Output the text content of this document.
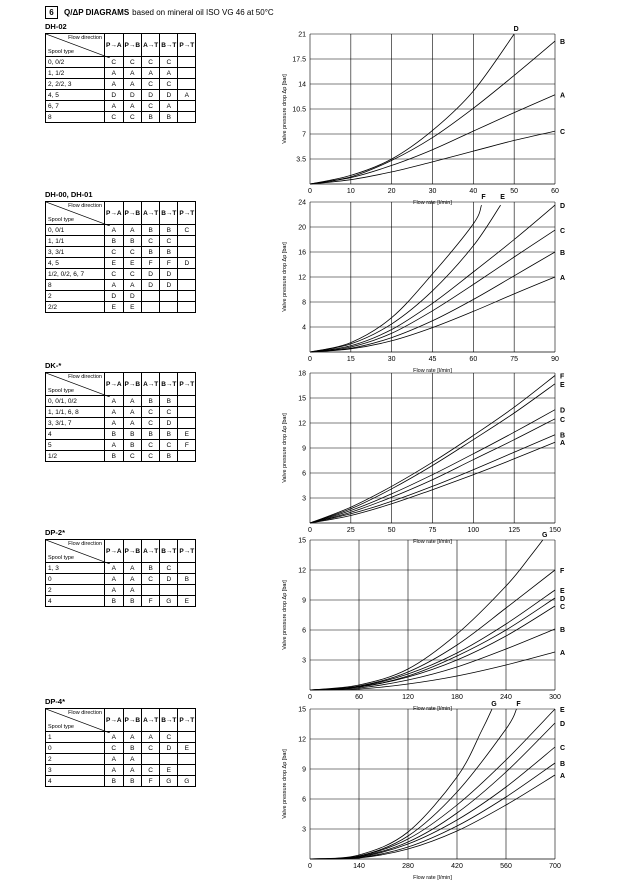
6	Q/ΔP DIAGRAMS based on mineral oil ISO VG 46 at 50°C
DH-02
Flow direction
Spool type	P→A	P→B	A→T	B→T	P→T
0, 0/2	C	C	C	C	
1, 1/2	A	A	A	A	
2, 2/2, 3	A	A	C	C	
4, 5	D	D	D	D	A
6, 7	A	A	C	A	
8	C	C	B	B	
0	10	20	30	40	50	60
3.5
7
10.5
14
17.5
21
Flow rate [l/min]
Valve pressure drop Δp [bar]
D
B
A
C
DH-00, DH-01
Flow direction
Spool type	P→A	P→B	A→T	B→T	P→T
0, 0/1	A	A	B	B	C
1, 1/1	B	B	C	C	
3, 3/1	C	C	B	B	
4, 5	E	E	F	F	D
1/2, 0/2, 6, 7	C	C	D	D	
8	A	A	D	D	
2	D	D			
2/2	E	E			
0	15	30	45	60	75	90
4
8
12
16
20
24
Flow rate [l/min]
Valve pressure drop Δp [bar]
F E
D
C
B
A
DK-*
Flow direction
Spool type	P→A	P→B	A→T	B→T	P→T
0, 0/1, 0/2	A	A	B	B	
1, 1/1, 6, 8	A	A	C	C	
3, 3/1, 7	A	A	C	D	
4	B	B	B	B	E
5	A	B	C	C	F
1/2	B	C	C	B	
0	25	50	75	100	125	150
3
6
9
12
15
18
Flow rate [l/min]
Valve pressure drop Δp [bar]
F
E
D
C
B
A
DP-2*
Flow direction
Spool type	P→A	P→B	A→T	B→T	P→T
1, 3	A	A	B	C	
0	A	A	C	D	B
2	A	A			
4	B	B	F	G	E
0	60	120	180	240	300
3
6
9
12
15
Flow rate [l/min]
Valve pressure drop Δp [bar]
G
F
E
D
C
B
A
DP-4*
Flow direction
Spool type	P→A	P→B	A→T	B→T	P→T
1	A	A	A	C	
0	C	B	C	D	E
2	A	A			
3	A	A	C	E	
4	B	B	F	G	G
0	140	280	420	560	700
3
6
9
12
15
Flow rate [l/min]
Valve pressure drop Δp [bar]
G	F
E
D
C
B
A
